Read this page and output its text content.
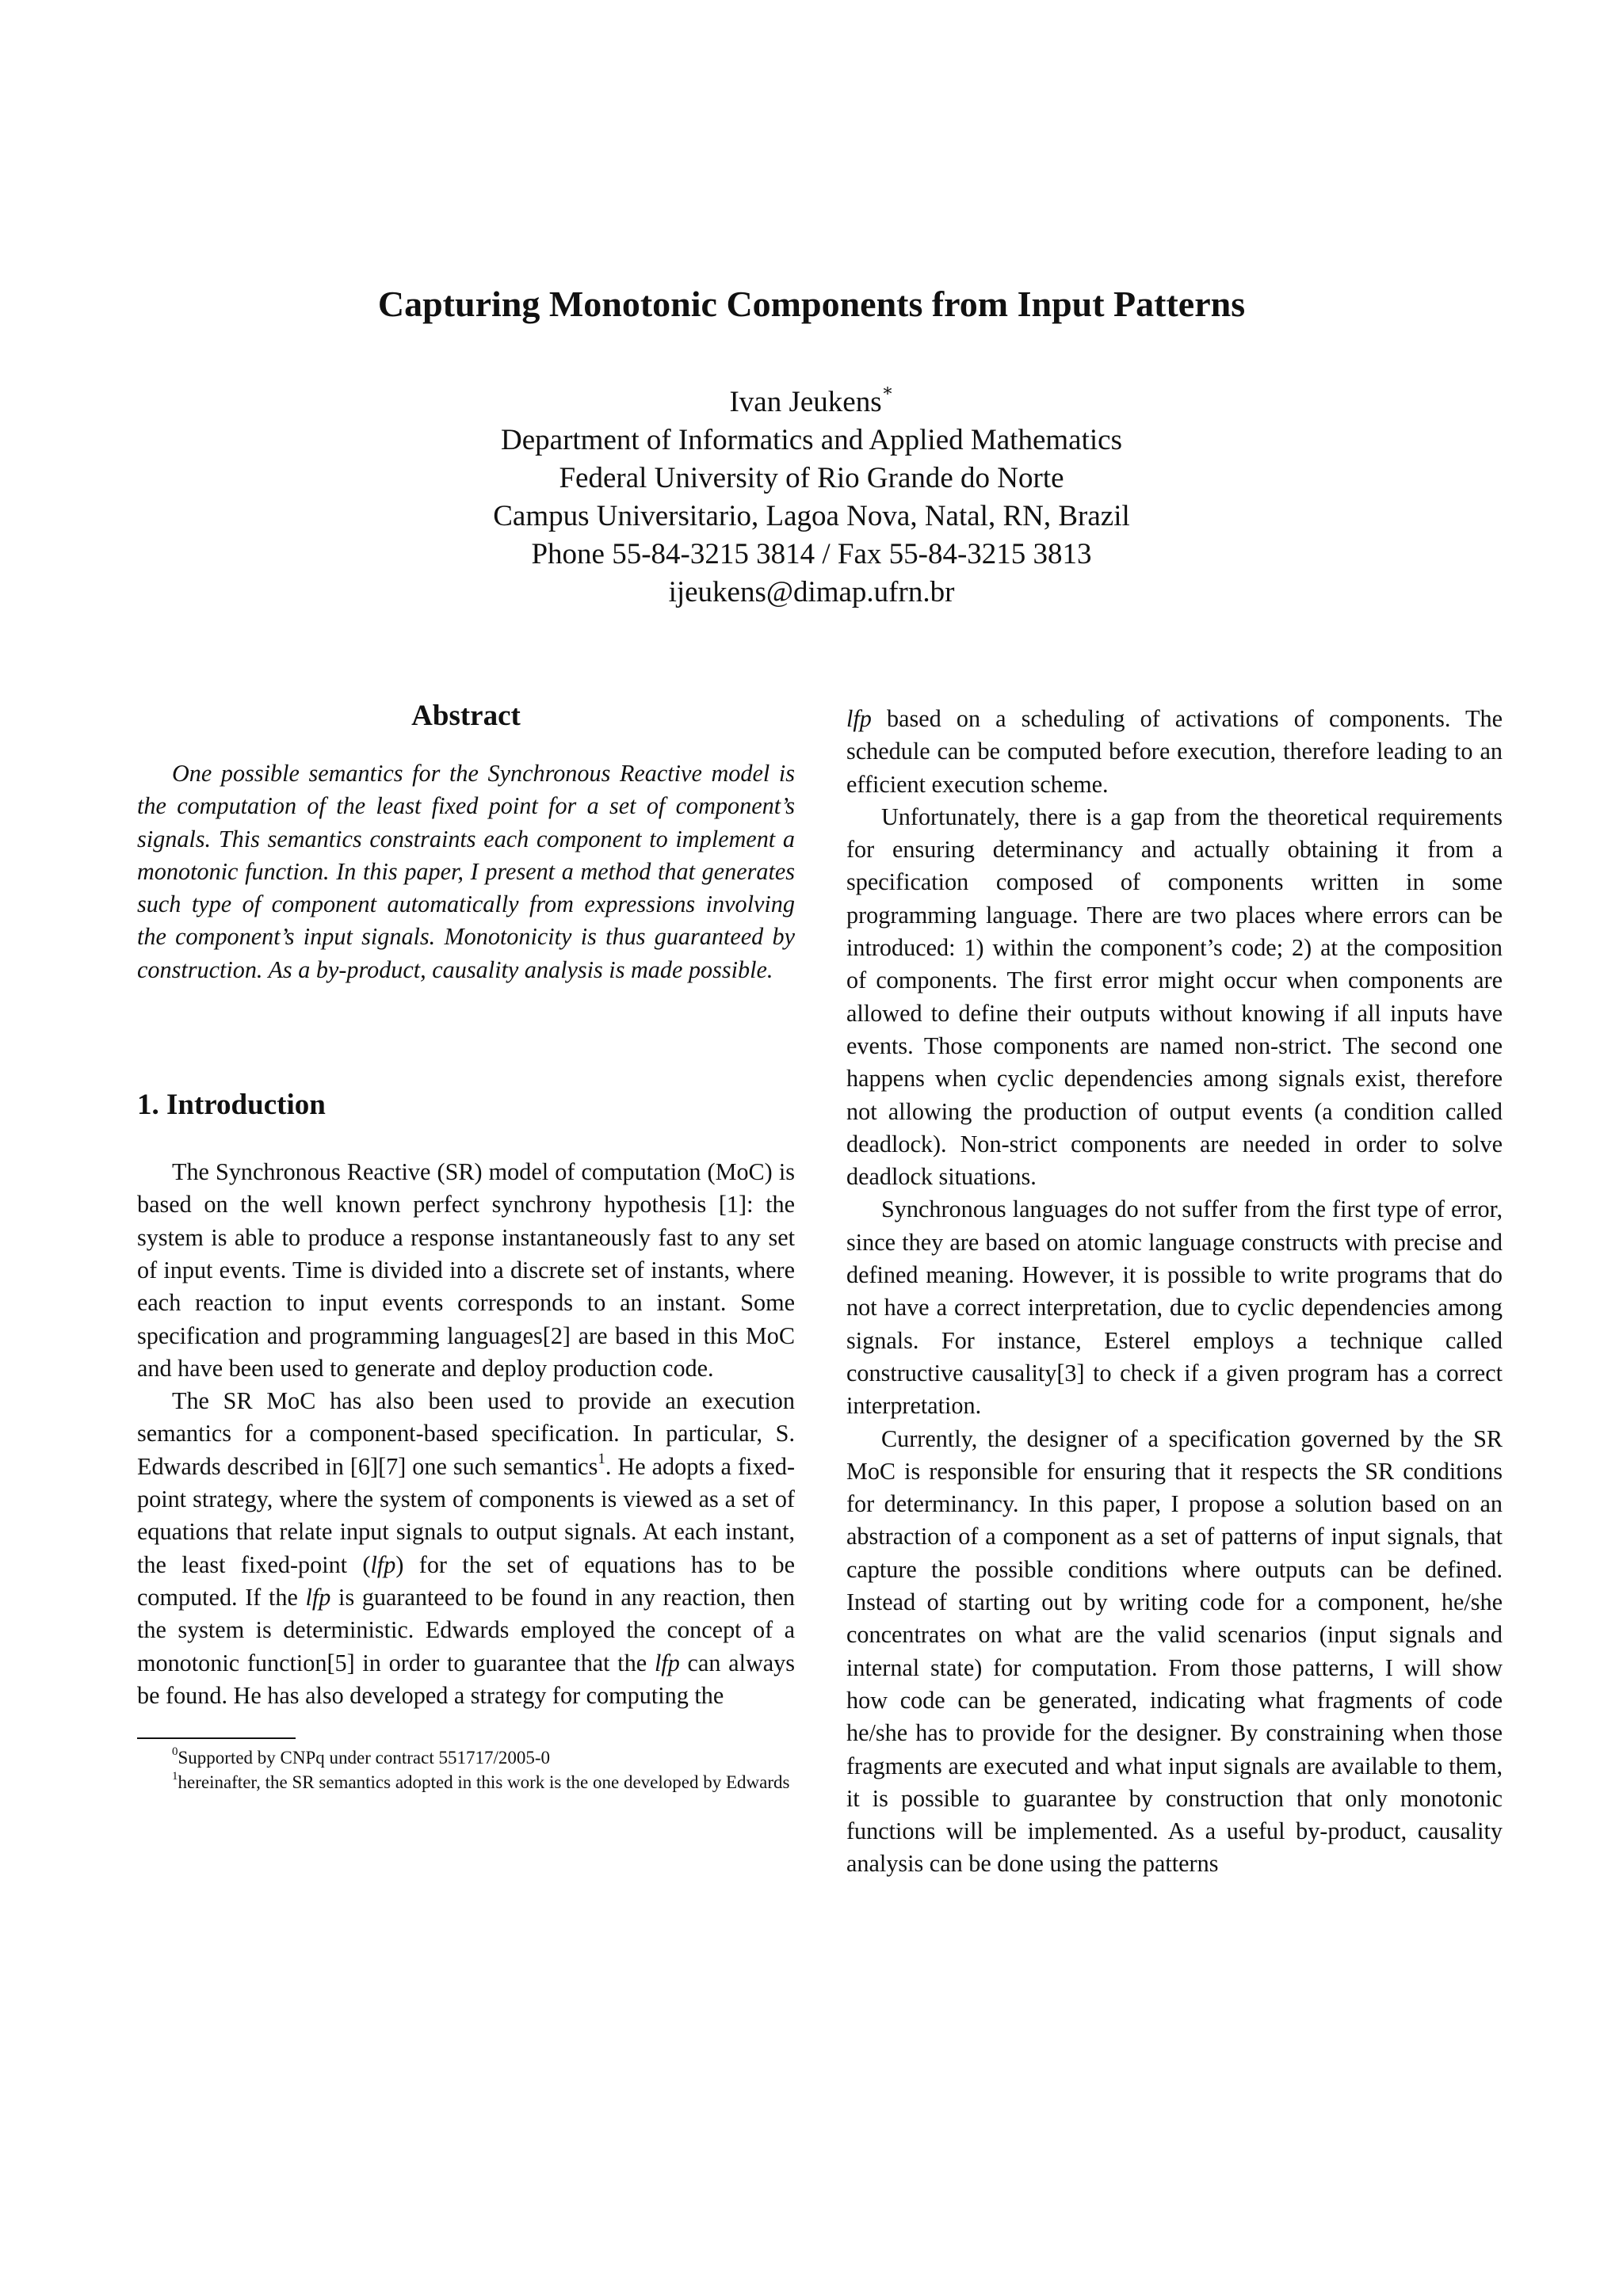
Capturing Monotonic Components from Input Patterns
Ivan Jeukens∗
Department of Informatics and Applied Mathematics
Federal University of Rio Grande do Norte
Campus Universitario, Lagoa Nova, Natal, RN, Brazil
Phone 55-84-3215 3814 / Fax 55-84-3215 3813
ijeukens@dimap.ufrn.br
Abstract

One possible semantics for the Synchronous Reactive model is the computation of the least fixed point for a set of component’s signals. This semantics constraints each component to implement a monotonic function. In this paper, I present a method that generates such type of component automatically from expressions involving the component’s input signals. Monotonicity is thus guaranteed by construction. As a by-product, causality analysis is made possible.

1. Introduction

The Synchronous Reactive (SR) model of computation (MoC) is based on the well known perfect synchrony hypothesis [1]: the system is able to produce a response instantaneously fast to any set of input events. Time is divided into a discrete set of instants, where each reaction to input events corresponds to an instant. Some specification and programming languages[2] are based in this MoC and have been used to generate and deploy production code.

The SR MoC has also been used to provide an execution semantics for a component-based specification. In particular, S. Edwards described in [6][7] one such semantics$^1$. He adopts a fixed-point strategy, where the system of components is viewed as a set of equations that relate input signals to output signals. At each instant, the least fixed-point (lfp) for the set of equations has to be computed. If the lfp is guaranteed to be found in any reaction, then the system is deterministic. Edwards employed the concept of a monotonic function[5] in order to guarantee that the lfp can always be found. He has also developed a strategy for computing the

$^0$Supported by CNPq under contract 551717/2005-0

$^1$hereinafter, the SR semantics adopted in this work is the one developed by Edwards

lfp based on a scheduling of activations of components. The schedule can be computed before execution, therefore leading to an efficient execution scheme.

Unfortunately, there is a gap from the theoretical requirements for ensuring determinancy and actually obtaining it from a specification composed of components written in some programming language. There are two places where errors can be introduced: 1) within the component’s code; 2) at the composition of components. The first error might occur when components are allowed to define their outputs without knowing if all inputs have events. Those components are named non-strict. The second one happens when cyclic dependencies among signals exist, therefore not allowing the production of output events (a condition called deadlock). Non-strict components are needed in order to solve deadlock situations.

Synchronous languages do not suffer from the first type of error, since they are based on atomic language constructs with precise and defined meaning. However, it is possible to write programs that do not have a correct interpretation, due to cyclic dependencies among signals. For instance, Esterel employs a technique called constructive causality[3] to check if a given program has a correct interpretation.

Currently, the designer of a specification governed by the SR MoC is responsible for ensuring that it respects the SR conditions for determinancy. In this paper, I propose a solution based on an abstraction of a component as a set of patterns of input signals, that capture the possible conditions where outputs can be defined. Instead of starting out by writing code for a component, he/she concentrates on what are the valid scenarios (input signals and internal state) for computation. From those patterns, I will show how code can be generated, indicating what fragments of code he/she has to provide for the designer. By constraining when those fragments are executed and what input signals are available to them, it is possible to guarantee by construction that only monotonic functions will be implemented. As a useful by-product, causality analysis can be done using the patterns
